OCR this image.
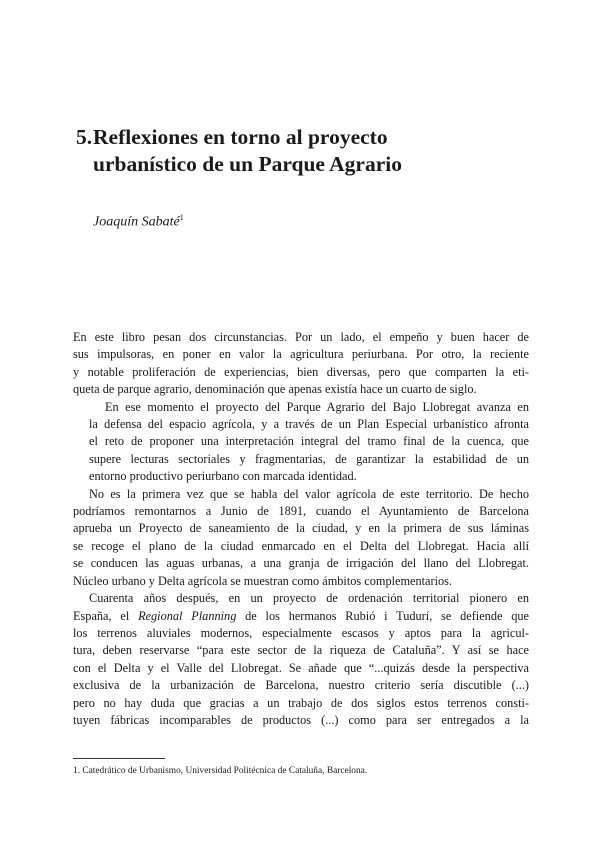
5.Reflexiones en torno al proyecto
urbanístico de un Parque Agrario
Joaquín Sabaté$^1$

En este libro pesan dos circunstancias. Por un lado, el empeño y buen hacer de
sus impulsoras, en poner en valor la agricultura periurbana. Por otro, la reciente
y notable proliferación de experiencias, bien diversas, pero que comparten la eti-
queta de parque agrario, denominación que apenas existía hace un cuarto de siglo.

En ese momento el proyecto del Parque Agrario del Bajo Llobregat avanza en
la defensa del espacio agrícola, y a través de un Plan Especial urbanístico afronta
el reto de proponer una interpretación integral del tramo final de la cuenca, que
supere lecturas sectoriales y fragmentarias, de garantizar la estabilidad de un
entorno productivo periurbano con marcada identidad.

No es la primera vez que se habla del valor agrícola de este territorio. De hecho
podríamos remontarnos a Junio de 1891, cuando el Ayuntamiento de Barcelona
aprueba un Proyecto de saneamiento de la ciudad, y en la primera de sus láminas
se recoge el plano de la ciudad enmarcado en el Delta del Llobregat. Hacia allí
se conducen las aguas urbanas, a una granja de irrigación del llano del Llobregat.
Núcleo urbano y Delta agrícola se muestran como ámbitos complementarios.

Cuarenta años después, en un proyecto de ordenación territorial pionero en
España, el Regional Planning de los hermanos Rubió i Tudurí, se defiende que
los terrenos aluviales modernos, especialmente escasos y aptos para la agricul-
tura, deben reservarse “para este sector de la riqueza de Cataluña”. Y así se hace
con el Delta y el Valle del Llobregat. Se añade que “...quizás desde la perspectiva
exclusiva de la urbanización de Barcelona, nuestro criterio sería discutible (...)
pero no hay duda que gracias a un trabajo de dos siglos estos terrenos consti-
tuyen fábricas incomparables de productos (...) como para ser entregados a la

1. Catedrático de Urbanismo, Universidad Politécnica de Cataluña, Barcelona.
